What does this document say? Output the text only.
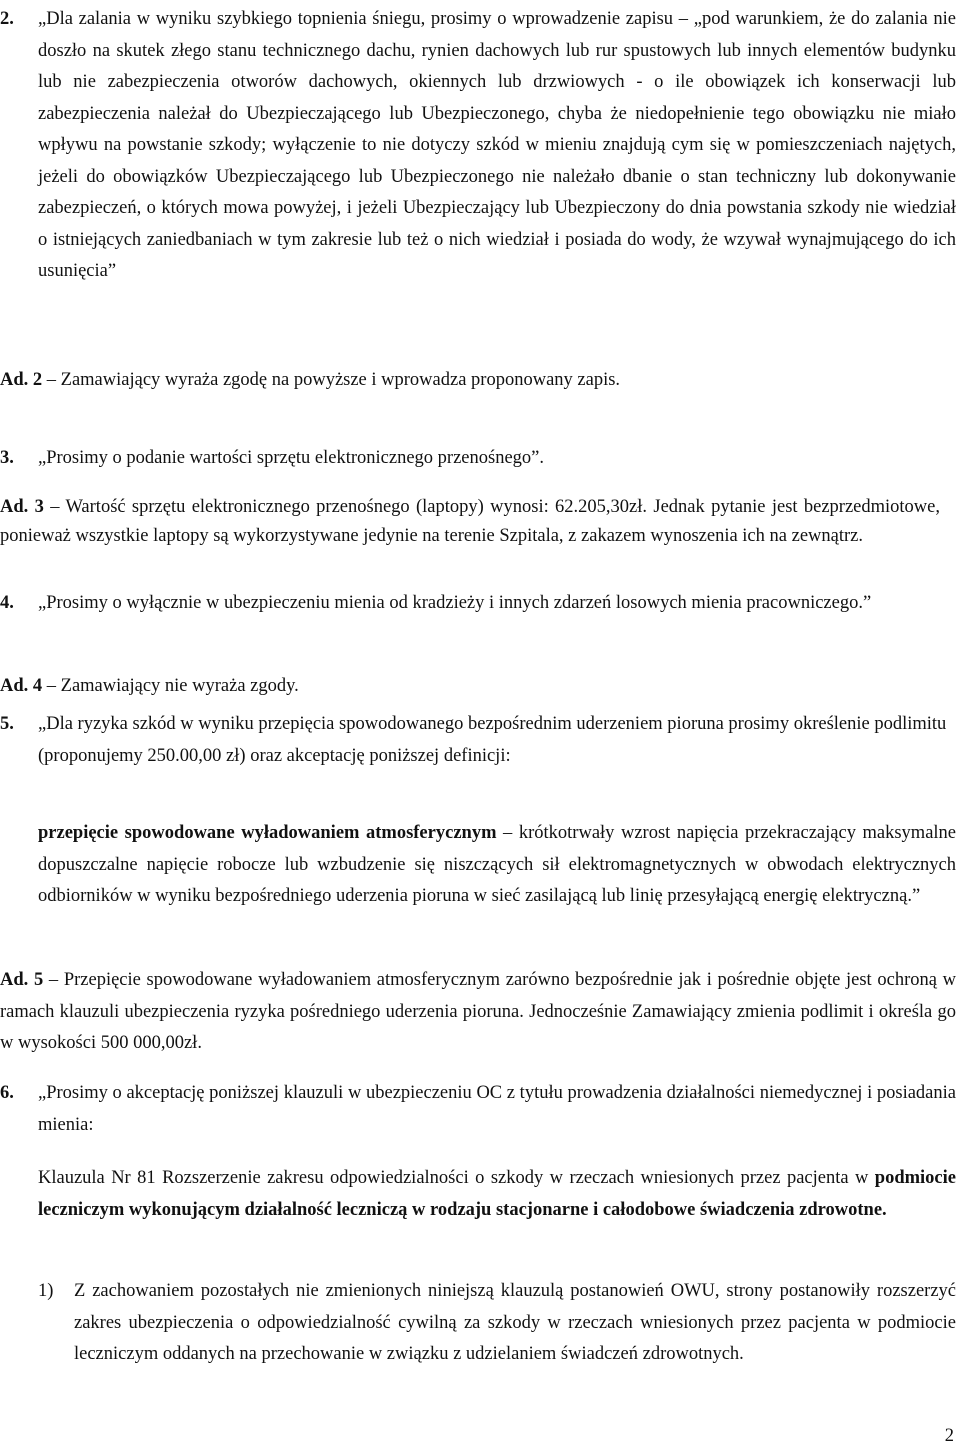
2. „Dla zalania w wyniku szybkiego topnienia śniegu, prosimy o wprowadzenie zapisu – „pod warunkiem, że do zalania nie doszło na skutek złego stanu technicznego dachu, rynien dachowych lub rur spustowych lub innych elementów budynku lub nie zabezpieczenia otworów dachowych, okiennych lub drzwiowych - o ile obowiązek ich konserwacji lub zabezpieczenia należał do Ubezpieczającego lub Ubezpieczonego, chyba że niedopełnienie tego obowiązku nie miało wpływu na powstanie szkody; wyłączenie to nie dotyczy szkód w mieniu znajdują cym się w pomieszczeniach najętych, jeżeli do obowiązków Ubezpieczającego lub Ubezpieczonego nie należało dbanie o stan techniczny lub dokonywanie zabezpieczeń, o których mowa powyżej, i jeżeli Ubezpieczający lub Ubezpieczony do dnia powstania szkody nie wiedział o istniejących zaniedbaniach w tym zakresie lub też o nich wiedział i posiada do wody, że wzywał wynajmującego do ich usunięcia”
Ad. 2 – Zamawiający wyraża zgodę na powyższe i wprowadza proponowany zapis.
3. „Prosimy o podanie wartości sprzętu elektronicznego przenośnego”.
Ad. 3 – Wartość sprzętu elektronicznego przenośnego (laptopy) wynosi: 62.205,30zł. Jednak pytanie jest bezprzedmiotowe, ponieważ wszystkie laptopy są wykorzystywane jedynie na terenie Szpitala, z zakazem wynoszenia ich na zewnątrz.
4. „Prosimy o wyłącznie w ubezpieczeniu mienia od kradzieży i innych zdarzeń losowych mienia pracowniczego.”
Ad. 4 – Zamawiający nie wyraża zgody.
5. „Dla ryzyka szkód w wyniku przepięcia spowodowanego bezpośrednim uderzeniem pioruna prosimy określenie podlimitu (proponujemy 250.00,00 zł) oraz akceptację poniższej definicji:
przepięcie spowodowane wyładowaniem atmosferycznym – krótkotrwały wzrost napięcia przekraczający maksymalne dopuszczalne napięcie robocze lub wzbudzenie się niszczących sił elektromagnetycznych w obwodach elektrycznych odbiorników w wyniku bezpośredniego uderzenia pioruna w sieć zasilającą lub linię przesyłającą energię elektryczną.”
Ad. 5 – Przepięcie spowodowane wyładowaniem atmosferycznym zarówno bezpośrednie jak i pośrednie objęte jest ochroną w ramach klauzuli ubezpieczenia ryzyka pośredniego uderzenia pioruna. Jednocześnie Zamawiający zmienia podlimit i określa go w wysokości 500 000,00zł.
6. „Prosimy o akceptację poniższej klauzuli w ubezpieczeniu OC z tytułu prowadzenia działalności niemedycznej i posiadania mienia:
Klauzula Nr 81 Rozszerzenie zakresu odpowiedzialności o szkody w rzeczach wniesionych przez pacjenta w podmiocie leczniczym wykonującym działalność leczniczą w rodzaju stacjonarne i całodobowe świadczenia zdrowotne.
1) Z zachowaniem pozostałych nie zmienionych niniejszą klauzulą postanowień OWU, strony postanowiły rozszerzyć zakres ubezpieczenia o odpowiedzialność cywilną za szkody w rzeczach wniesionych przez pacjenta w podmiocie leczniczym oddanych na przechowanie w związku z udzielaniem świadczeń zdrowotnych.
2
